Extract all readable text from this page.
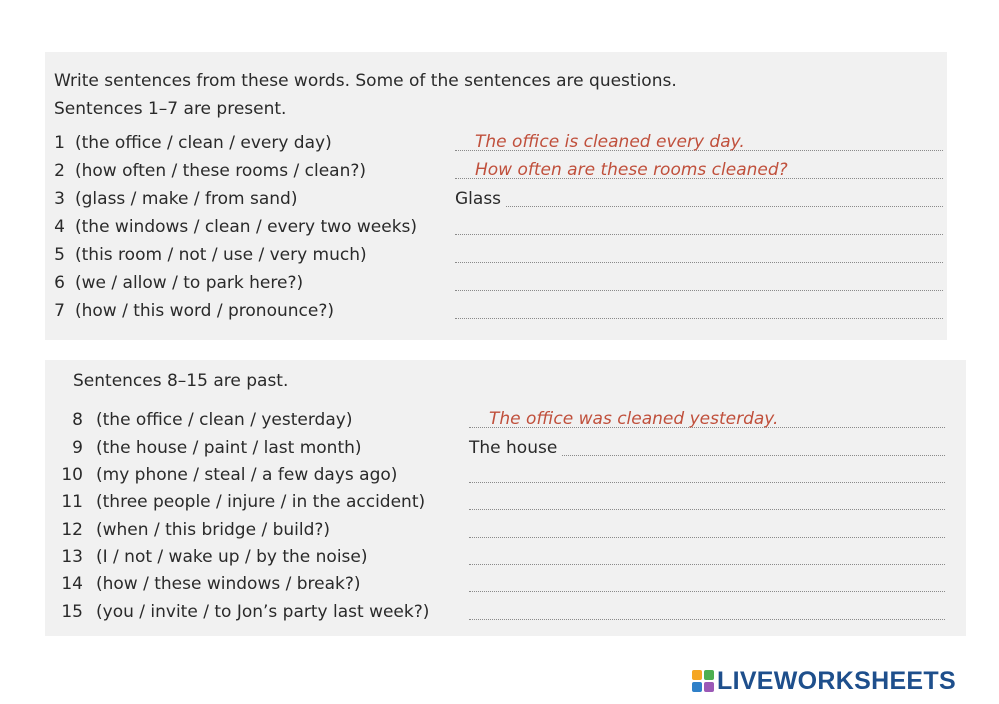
Write sentences from these words. Some of the sentences are questions.
Sentences 1–7 are present.
1 (the office / clean / every day)	The office is cleaned every day.
2 (how often / these rooms / clean?)	How often are these rooms cleaned?
3 (glass / make / from sand)	Glass
4 (the windows / clean / every two weeks)
5 (this room / not / use / very much)
6 (we / allow / to park here?)
7 (how / this word / pronounce?)
Sentences 8–15 are past.
8 (the office / clean / yesterday)	The office was cleaned yesterday.
9 (the house / paint / last month)	The house
10 (my phone / steal / a few days ago)
11 (three people / injure / in the accident)
12 (when / this bridge / build?)
13 (I / not / wake up / by the noise)
14 (how / these windows / break?)
15 (you / invite / to Jon’s party last week?)
LIVEWORKSHEETS
